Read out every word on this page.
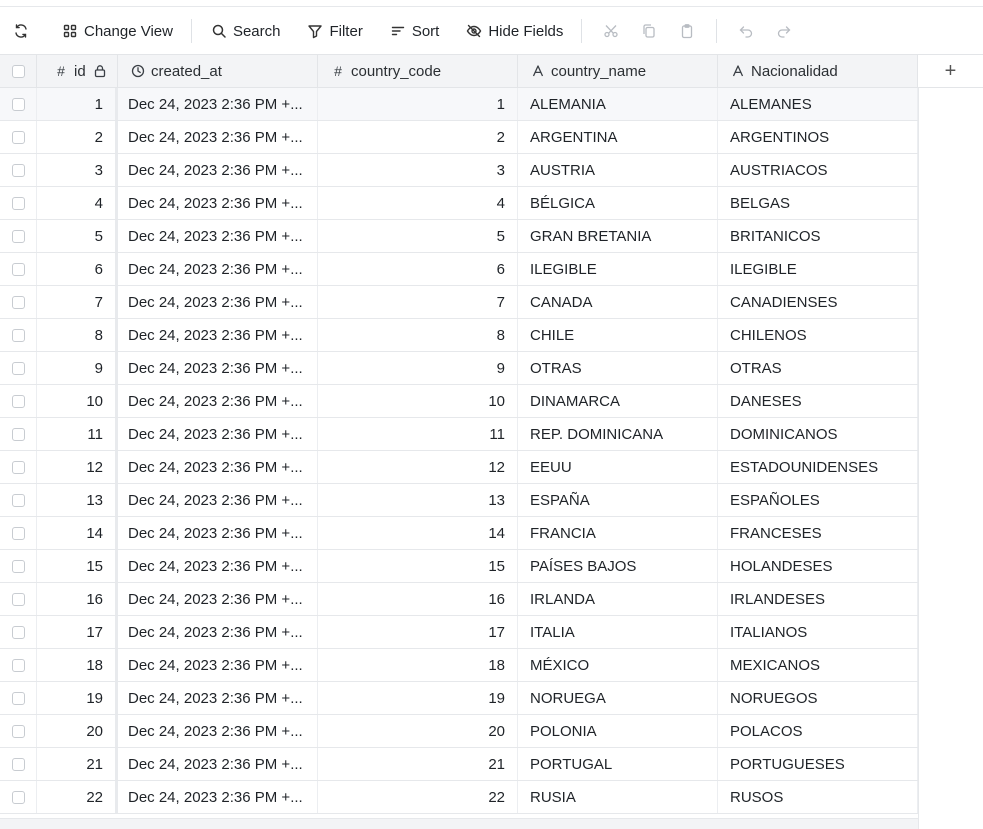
Change View	Search	Filter	Sort	Hide Fields
# id	created_at	# country_code	country_name	Nacionalidad	+
1	Dec 24, 2023 2:36 PM +...	1	ALEMANIA	ALEMANES
2	Dec 24, 2023 2:36 PM +...	2	ARGENTINA	ARGENTINOS
3	Dec 24, 2023 2:36 PM +...	3	AUSTRIA	AUSTRIACOS
4	Dec 24, 2023 2:36 PM +...	4	BÉLGICA	BELGAS
5	Dec 24, 2023 2:36 PM +...	5	GRAN BRETANIA	BRITANICOS
6	Dec 24, 2023 2:36 PM +...	6	ILEGIBLE	ILEGIBLE
7	Dec 24, 2023 2:36 PM +...	7	CANADA	CANADIENSES
8	Dec 24, 2023 2:36 PM +...	8	CHILE	CHILENOS
9	Dec 24, 2023 2:36 PM +...	9	OTRAS	OTRAS
10	Dec 24, 2023 2:36 PM +...	10	DINAMARCA	DANESES
11	Dec 24, 2023 2:36 PM +...	11	REP. DOMINICANA	DOMINICANOS
12	Dec 24, 2023 2:36 PM +...	12	EEUU	ESTADOUNIDENSES
13	Dec 24, 2023 2:36 PM +...	13	ESPAÑA	ESPAÑOLES
14	Dec 24, 2023 2:36 PM +...	14	FRANCIA	FRANCESES
15	Dec 24, 2023 2:36 PM +...	15	PAÍSES BAJOS	HOLANDESES
16	Dec 24, 2023 2:36 PM +...	16	IRLANDA	IRLANDESES
17	Dec 24, 2023 2:36 PM +...	17	ITALIA	ITALIANOS
18	Dec 24, 2023 2:36 PM +...	18	MÉXICO	MEXICANOS
19	Dec 24, 2023 2:36 PM +...	19	NORUEGA	NORUEGOS
20	Dec 24, 2023 2:36 PM +...	20	POLONIA	POLACOS
21	Dec 24, 2023 2:36 PM +...	21	PORTUGAL	PORTUGUESES
22	Dec 24, 2023 2:36 PM +...	22	RUSIA	RUSOS
